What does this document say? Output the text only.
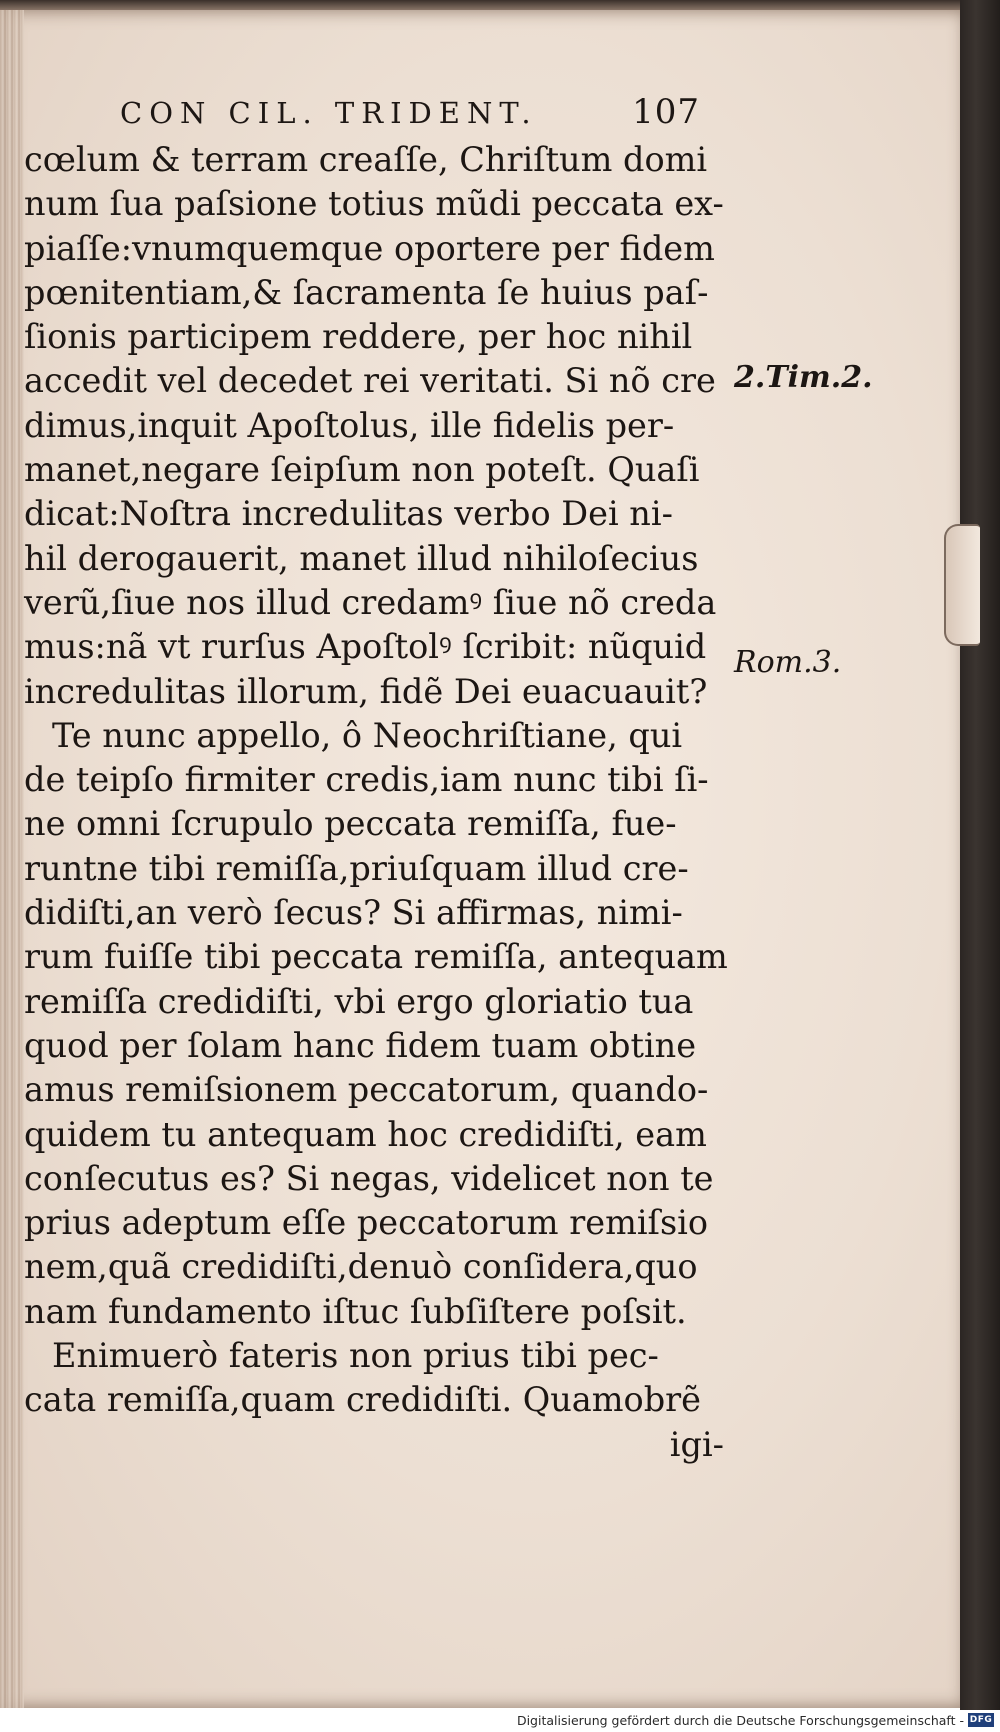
CON CIL. TRIDENT.	107
cœlum & terram creaſſe, Chriſtum domi
num ſua paſsione totius mũdi peccata ex-
piaſſe:vnumquemque oportere per fidem
pœnitentiam,& ſacramenta ſe huius paſ-
ſionis participem reddere, per hoc nihil
accedit vel decedet rei veritati. Si nõ cre
dimus,inquit Apoſtolus, ille fidelis per-
manet,negare ſeipſum non poteſt. Quaſi
dicat:Noſtra incredulitas verbo Dei ni-
hil derogauerit, manet illud nihiloſecius
verũ,ſiue nos illud credamꝰ ſiue nõ creda
mus:nã vt rurſus Apoſtolꝰ ſcribit: nũquid
incredulitas illorum, fidẽ Dei euacuauit?
Te nunc appello, ô Neochriſtiane, qui
de teipſo firmiter credis,iam nunc tibi ſi-
ne omni ſcrupulo peccata remiſſa, fue-
runtne tibi remiſſa,priuſquam illud cre-
didiſti,an verò ſecus? Si affirmas, nimi-
rum fuiſſe tibi peccata remiſſa, antequam
remiſſa credidiſti, vbi ergo gloriatio tua
quod per ſolam hanc fidem tuam obtine
amus remiſsionem peccatorum, quando-
quidem tu antequam hoc credidiſti, eam
conſecutus es? Si negas, videlicet non te
prius adeptum eſſe peccatorum remiſsio
nem,quã credidiſti,denuò conſidera,quo
nam fundamento iſtuc ſubſiſtere poſsit.
Enimuerò fateris non prius tibi pec-
cata remiſſa,quam credidiſti. Quamobrẽ
igi-
2.Tim.2.
Rom.3.
Digitalisierung gefördert durch die Deutsche Forschungsgemeinschaft - DFG
